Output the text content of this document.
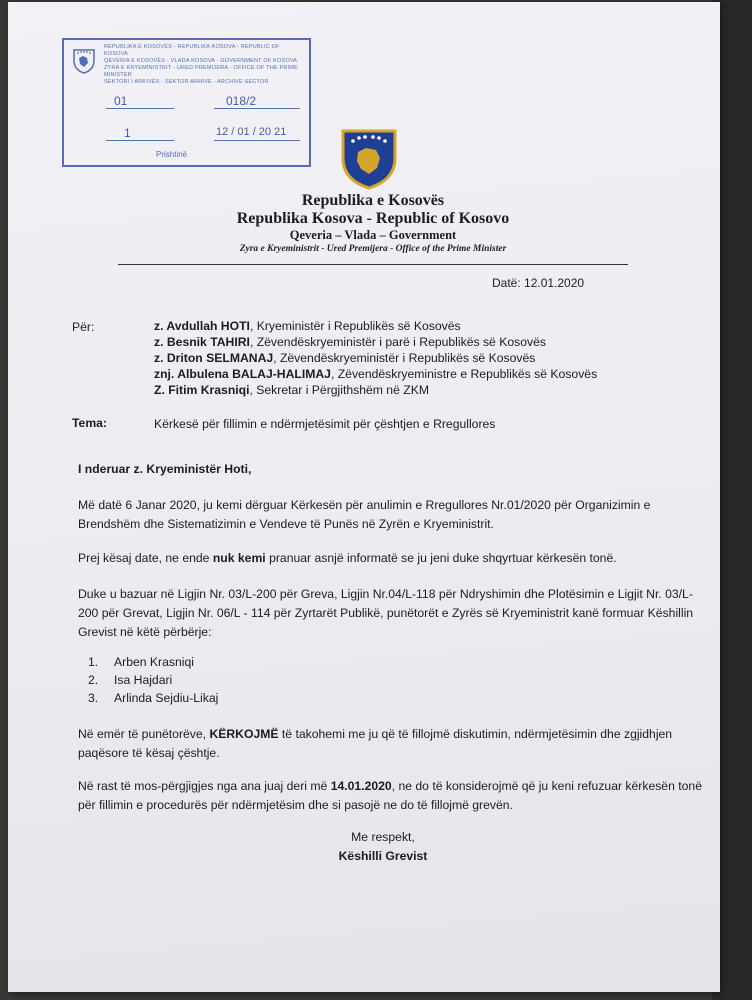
REPUBLIKA E KOSOVËS - REPUBLIKA KOSOVA - REPUBLIC OF KOSOVA
QEVERIA E KOSOVËS - VLADA KOSOVA - GOVERNMENT OF KOSOVA
ZYRA E KRYEMINISTRIT - URED PREMIJERA - OFFICE OF THE PRIME MINISTER
SEKTORI I ARKIVËS - SEKTOR ARHIVE - ARCHIVE SECTOR
01	018/2
1	12 / 01 / 20 21
Prishtinë
Republika e Kosovës
Republika Kosova - Republic of Kosovo
Qeveria – Vlada – Government
Zyra e Kryeministrit - Ured Premijera - Office of the Prime Minister
Datë: 12.01.2020
Për:	z. Avdullah HOTI, Kryeministër i Republikës së Kosovës
z. Besnik TAHIRI, Zëvendëskryeministër i parë i Republikës së Kosovës
z. Driton SELMANAJ, Zëvendëskryeministër i Republikës së Kosovës
znj. Albulena BALAJ-HALIMAJ, Zëvendëskryeministre e Republikës së Kosovës
Z. Fitim Krasniqi, Sekretar i Përgjithshëm në ZKM
Tema:	Kërkesë për fillimin e ndërmjetësimit për çështjen e Rregullores
I nderuar z. Kryeministër Hoti,
Më datë 6 Janar 2020, ju kemi dërguar Kërkesën për anulimin e Rregullores Nr.01/2020 për Organizimin e Brendshëm dhe Sistematizimin e Vendeve të Punës në Zyrën e Kryeministrit.
Prej kësaj date, ne ende nuk kemi pranuar asnjë informatë se ju jeni duke shqyrtuar kërkesën tonë.
Duke u bazuar në Ligjin Nr. 03/L-200 për Greva, Ligjin Nr.04/L-118 për Ndryshimin dhe Plotësimin e Ligjit Nr. 03/L-200 për Grevat, Ligjin Nr. 06/L - 114 për Zyrtarët Publikë, punëtorët e Zyrës së Kryeministrit kanë formuar Këshillin Grevist në këtë përbërje:
1. Arben Krasniqi
2. Isa Hajdari
3. Arlinda Sejdiu-Likaj
Në emër të punëtorëve, KËRKOJMË të takohemi me ju që të fillojmë diskutimin, ndërmjetësimin dhe zgjidhjen paqësore të kësaj çështje.
Në rast të mos-përgjigjes nga ana juaj deri më 14.01.2020, ne do të konsiderojmë që ju keni refuzuar kërkesën tonë për fillimin e procedurës për ndërmjetësim dhe si pasojë ne do të fillojmë grevën.
Me respekt,
Këshilli Grevist
